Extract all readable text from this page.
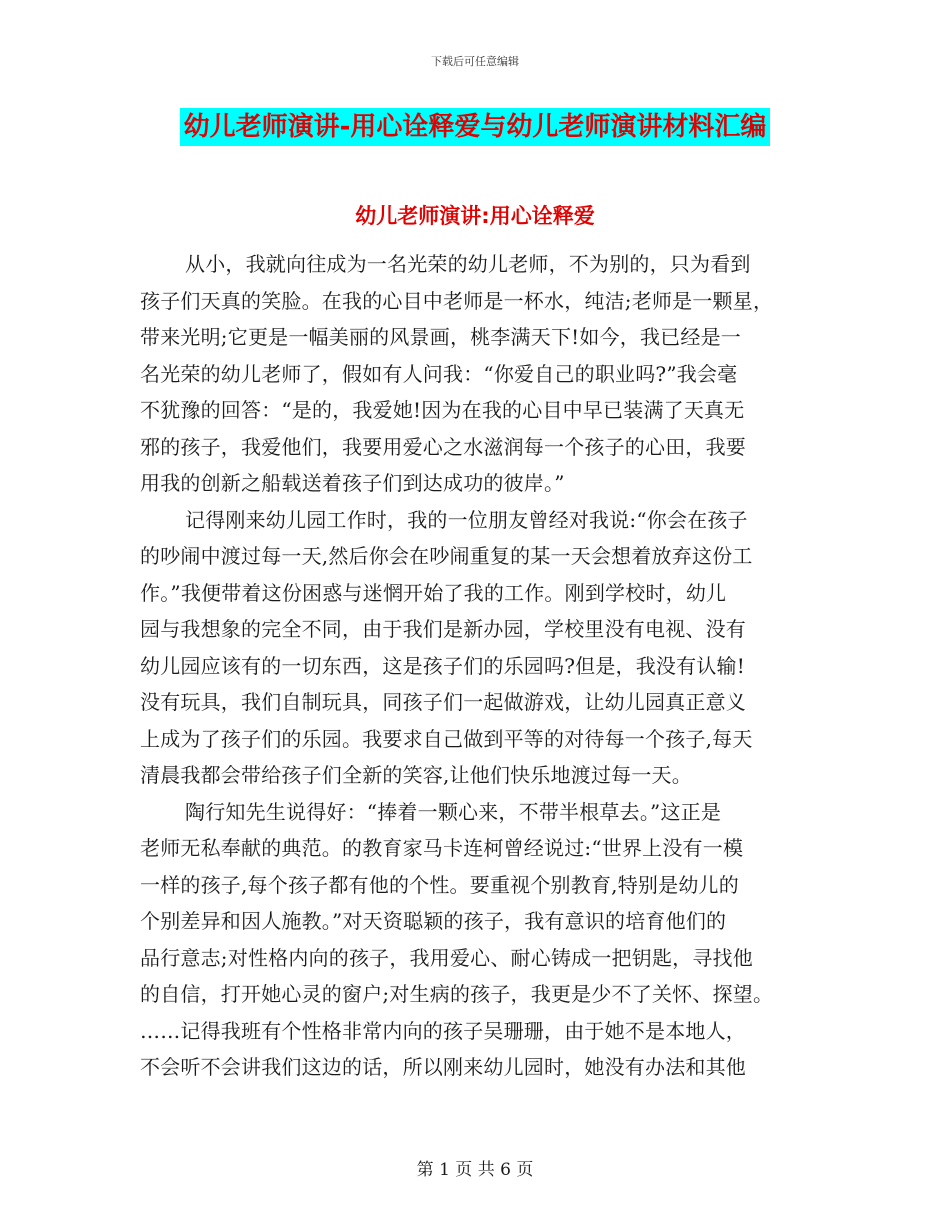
下载后可任意编辑
幼儿老师演讲-用心诠释爱与幼儿老师演讲材料汇编
幼儿老师演讲:用心诠释爱
从小，我就向往成为一名光荣的幼儿老师，不为别的，只为看到
孩子们天真的笑脸。在我的心目中老师是一杯水，纯洁;老师是一颗星，
带来光明;它更是一幅美丽的风景画，桃李满天下!如今，我已经是一
名光荣的幼儿老师了，假如有人问我：“你爱自己的职业吗?”我会毫
不犹豫的回答：“是的，我爱她!因为在我的心目中早已装满了天真无
邪的孩子，我爱他们，我要用爱心之水滋润每一个孩子的心田，我要
用我的创新之船载送着孩子们到达成功的彼岸。”
记得刚来幼儿园工作时，我的一位朋友曾经对我说:“你会在孩子
的吵闹中渡过每一天,然后你会在吵闹重复的某一天会想着放弃这份工
作。”我便带着这份困惑与迷惘开始了我的工作。刚到学校时，幼儿
园与我想象的完全不同，由于我们是新办园，学校里没有电视、没有
幼儿园应该有的一切东西，这是孩子们的乐园吗?但是，我没有认输!
没有玩具，我们自制玩具，同孩子们一起做游戏，让幼儿园真正意义
上成为了孩子们的乐园。我要求自己做到平等的对待每一个孩子,每天
清晨我都会带给孩子们全新的笑容,让他们快乐地渡过每一天。
陶行知先生说得好：“捧着一颗心来，不带半根草去。”这正是
老师无私奉献的典范。的教育家马卡连柯曾经说过:“世界上没有一模
一样的孩子,每个孩子都有他的个性。要重视个别教育,特别是幼儿的
个别差异和因人施教。”对天资聪颖的孩子，我有意识的培育他们的
品行意志;对性格内向的孩子，我用爱心、耐心铸成一把钥匙，寻找他
的自信，打开她心灵的窗户;对生病的孩子，我更是少不了关怀、探望。
……记得我班有个性格非常内向的孩子吴珊珊，由于她不是本地人，
不会听不会讲我们这边的话，所以刚来幼儿园时，她没有办法和其他
第 1 页 共 6 页
